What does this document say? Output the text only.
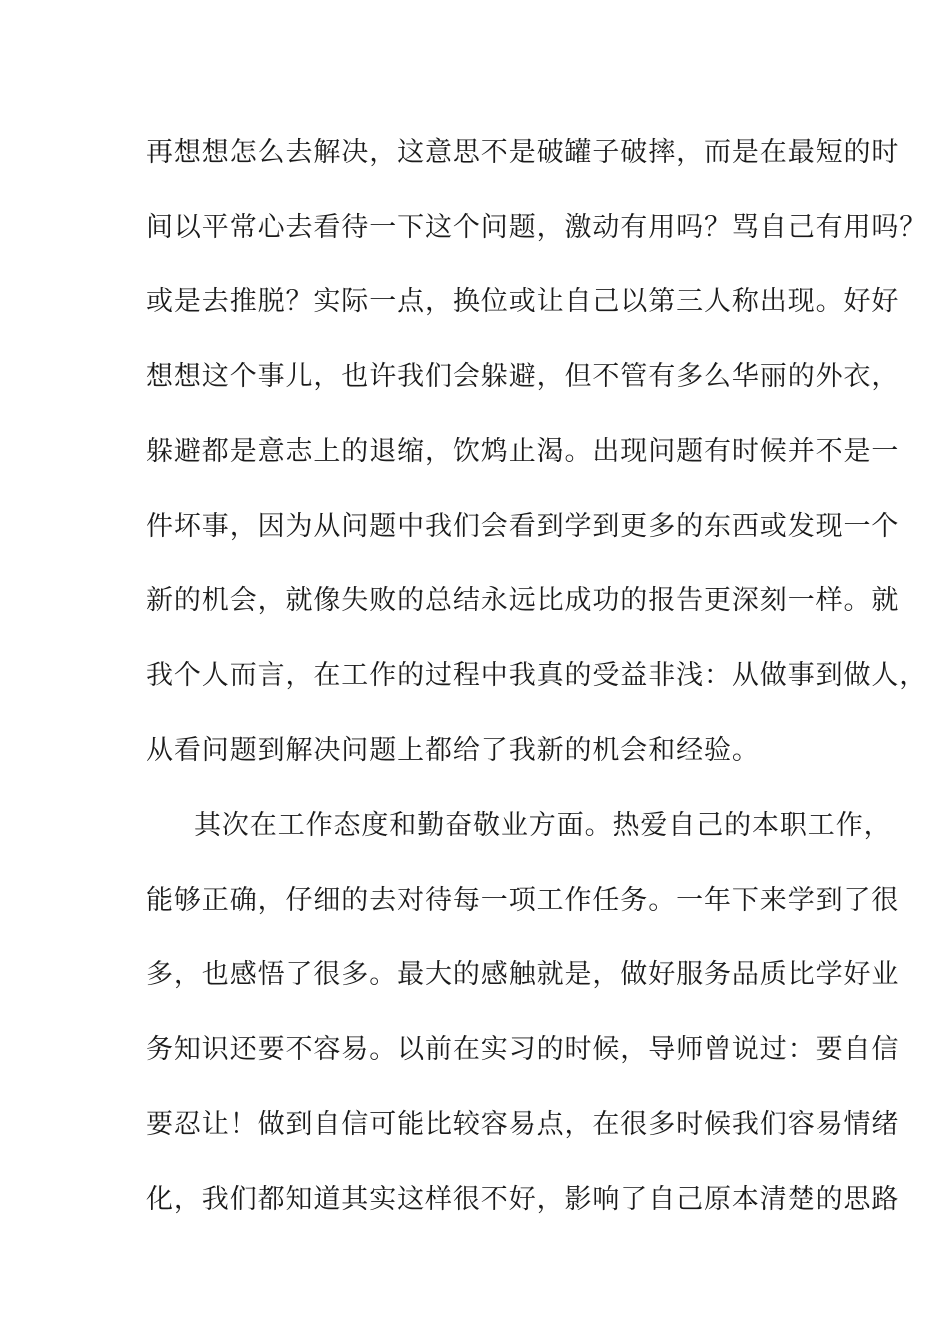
再想想怎么去解决，这意思不是破罐子破摔，而是在最短的时
间以平常心去看待一下这个问题，激动有用吗？骂自己有用吗？
或是去推脱？实际一点，换位或让自己以第三人称出现。好好
想想这个事儿，也许我们会躲避，但不管有多么华丽的外衣，
躲避都是意志上的退缩，饮鸩止渴。出现问题有时候并不是一
件坏事，因为从问题中我们会看到学到更多的东西或发现一个
新的机会，就像失败的总结永远比成功的报告更深刻一样。就
我个人而言，在工作的过程中我真的受益非浅：从做事到做人，
从看问题到解决问题上都给了我新的机会和经验。
其次在工作态度和勤奋敬业方面。热爱自己的本职工作，
能够正确，仔细的去对待每一项工作任务。一年下来学到了很
多，也感悟了很多。最大的感触就是，做好服务品质比学好业
务知识还要不容易。以前在实习的时候，导师曾说过：要自信
要忍让！做到自信可能比较容易点，在很多时候我们容易情绪
化，我们都知道其实这样很不好，影响了自己原本清楚的思路
